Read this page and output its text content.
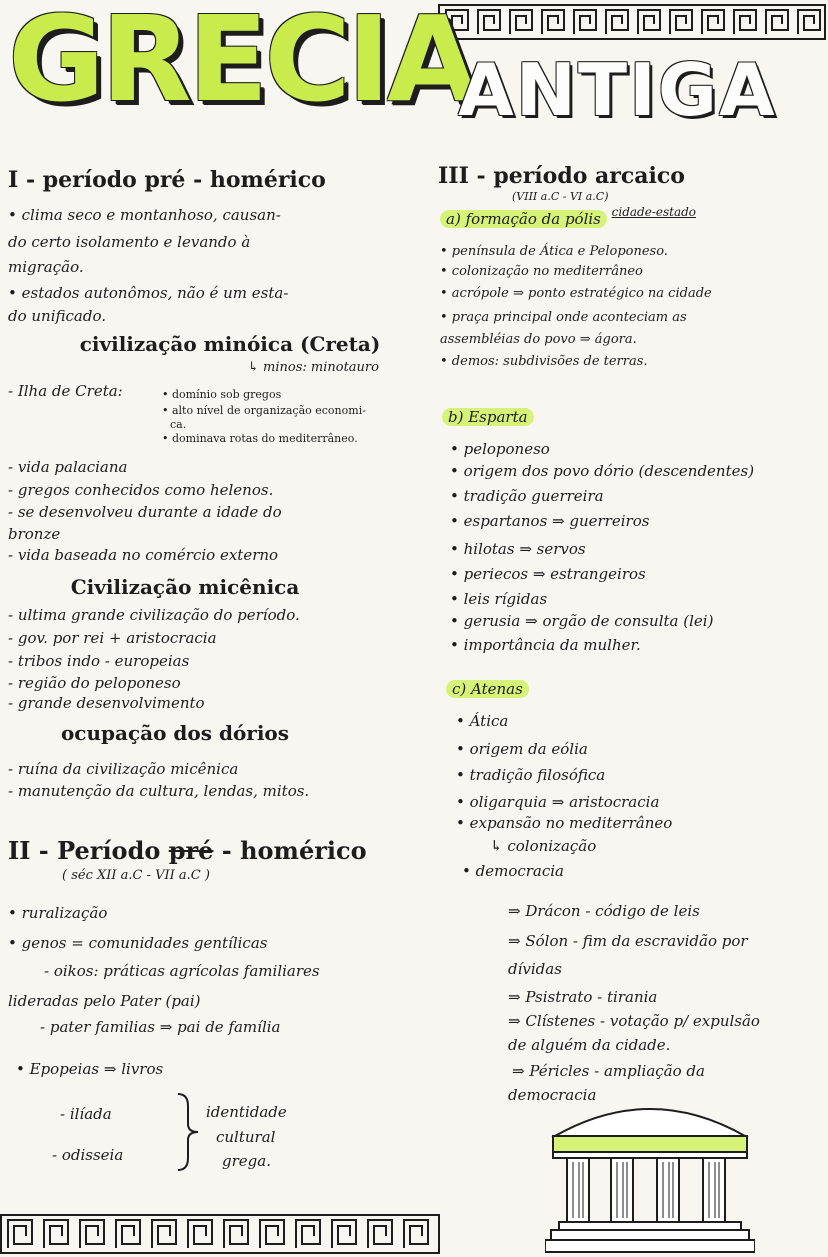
GRECIA
ANTIGA
I - período pré - homérico
• clima seco e montanhoso, causan-
do certo isolamento e levando à
migração.
• estados autonômos, não é um esta-
do unificado.
civilização minóica (Creta)
↳ minos: minotauro
- Ilha de Creta:	• domínio sob gregos
• alto nível de organização economi-
ca.
• dominava rotas do mediterrâneo.
- vida palaciana
- gregos conhecidos como helenos.
- se desenvolveu durante a idade do
bronze
- vida baseada no comércio externo
Civilização micênica
- ultima grande civilização do período.
- gov. por rei + aristocracia
- tribos indo - europeias
- região do peloponeso
- grande desenvolvimento
ocupação dos dórios
- ruína da civilização micênica
- manutenção da cultura, lendas, mitos.
II - Período pré - homérico
( séc XII a.C - VII a.C )
• ruralização
• genos = comunidades gentílicas
- oikos: práticas agrícolas familiares
lideradas pelo Pater (pai)
- pater familias ⇒ pai de família
• Epopeias ⇒ livros
- ilíada
- odisseia
identidade
cultural
grega.
III - período arcaico
(VIII a.C - VI a.C)
a) formação da pólis $^{cidade-estado}$
• península de Ática e Peloponeso.
• colonização no mediterrâneo
• acrópole ⇒ ponto estratégico na cidade
• praça principal onde aconteciam as
assembléias do povo ⇒ ágora.
• demos: subdivisões de terras.
b) Esparta
• peloponeso
• origem dos povo dório (descendentes)
• tradição guerreira
• espartanos ⇒ guerreiros
• hilotas ⇒ servos
• periecos ⇒ estrangeiros
• leis rígidas
• gerusia ⇒ orgão de consulta (lei)
• importância da mulher.
c) Atenas
• Ática
• origem da eólia
• tradição filosófica
• oligarquia ⇒ aristocracia
• expansão no mediterrâneo
↳ colonização
• democracia
⇒ Drácon - código de leis
⇒ Sólon - fim da escravidão por
dívidas
⇒ Psistrato - tirania
⇒ Clístenes - votação p/ expulsão
de alguém da cidade.
⇒ Péricles - ampliação da
democracia
